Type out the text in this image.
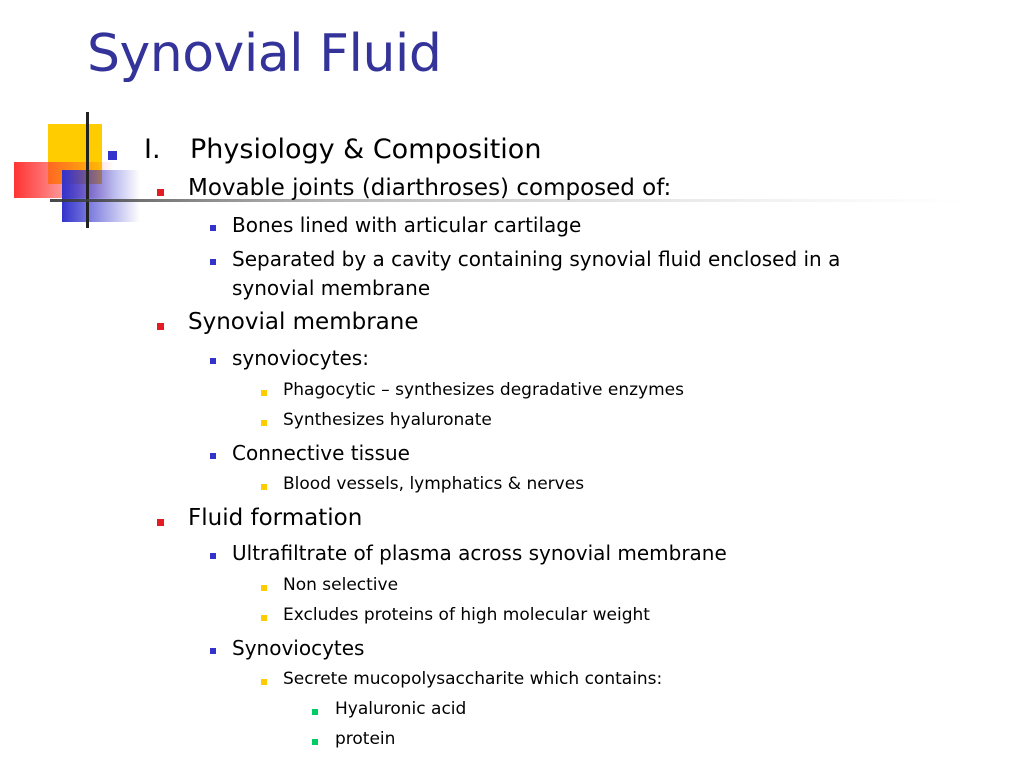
Synovial Fluid
I. Physiology & Composition
Movable joints (diarthroses) composed of:
Bones lined with articular cartilage
Separated by a cavity containing synovial fluid enclosed in a
synovial membrane
Synovial membrane
synoviocytes:
Phagocytic – synthesizes degradative enzymes
Synthesizes hyaluronate
Connective tissue
Blood vessels, lymphatics & nerves
Fluid formation
Ultrafiltrate of plasma across synovial membrane
Non selective
Excludes proteins of high molecular weight
Synoviocytes
Secrete mucopolysaccharite which contains:
Hyaluronic acid
protein
